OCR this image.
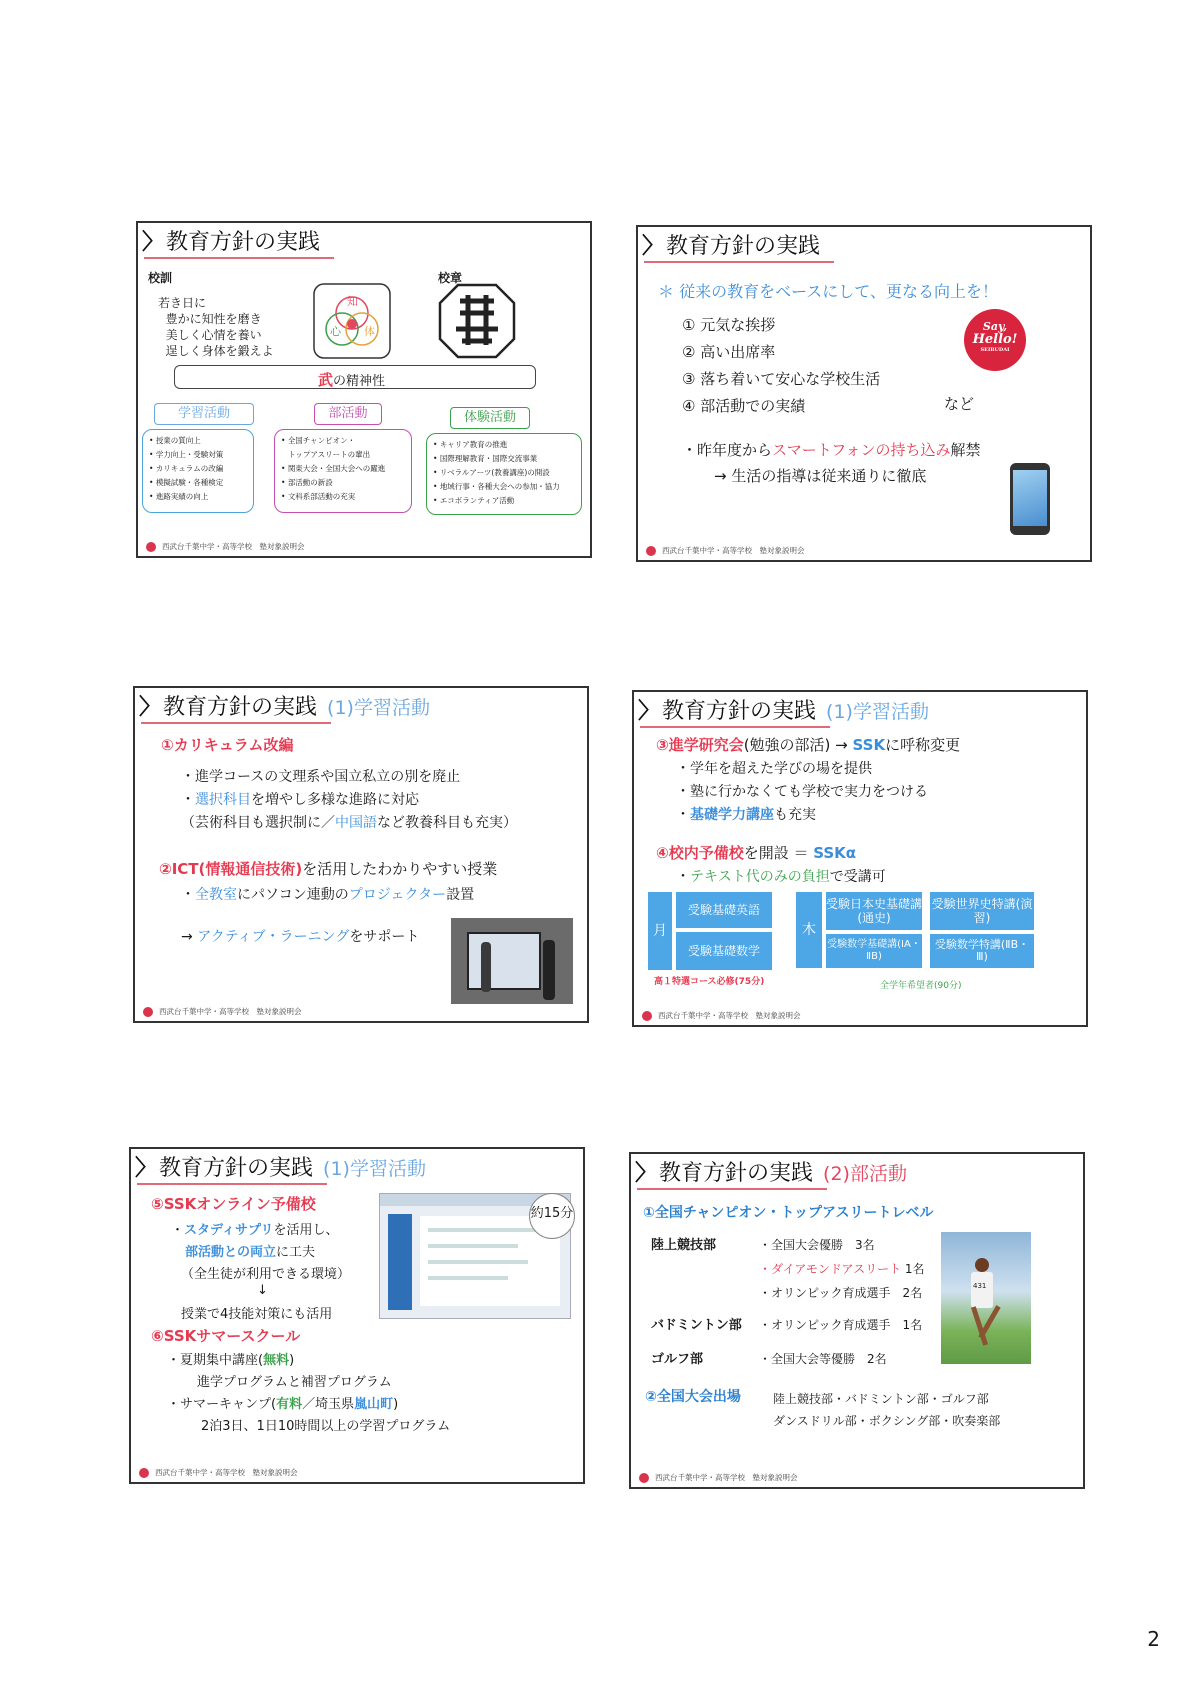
〉教育方針の実践
校訓	校章
若き日に
豊かに知性を磨き
美しく心情を養い
逞しく身体を鍛えよ
知
心 体
武の精神性
学習活動	部活動	体験活動
• 授業の質向上
• 学力向上・受験対策
• カリキュラムの改編
• 模擬試験・各種検定
• 進路実績の向上
• 全国チャンピオン・
トップアスリートの輩出
• 関東大会・全国大会への躍進
• 部活動の新設
• 文科系部活動の充実
• キャリア教育の推進
• 国際理解教育・国際交流事業
• リベラルアーツ(教養講座)の開設
• 地域行事・各種大会への参加・協力
• エコボランティア活動
西武台千葉中学・高等学校　塾対象説明会
〉教育方針の実践
＊ 従来の教育をベースにして、更なる向上を！
① 元気な挨拶
② 高い出席率
③ 落ち着いて安心な学校生活
④ 部活動での実績	など
Say,
Hello!
SEIBUDAI
・昨年度からスマートフォンの持ち込み解禁
→ 生活の指導は従来通りに徹底
西武台千葉中学・高等学校　塾対象説明会
〉教育方針の実践 (1)学習活動
①カリキュラム改編
・進学コースの文理系や国立私立の別を廃止
・選択科目を増やし多様な進路に対応
（芸術科目も選択制に／中国語など教養科目も充実）
②ICT(情報通信技術)を活用したわかりやすい授業
・全教室にパソコン連動のプロジェクター設置
→ アクティブ・ラーニングをサポート
西武台千葉中学・高等学校　塾対象説明会
〉教育方針の実践 (1)学習活動
③進学研究会(勉強の部活) → SSKに呼称変更
・学年を超えた学びの場を提供
・塾に行かなくても学校で実力をつける
・基礎学力講座も充実
④校内予備校を開設 ＝ SSKα
・テキスト代のみの負担で受講可
月
受験基礎英語
受験基礎数学
木
受験日本史基礎講(通史)
受験世界史特講(演習)
受験数学基礎講(ⅠA・ⅡB)
受験数学特講(ⅡB・Ⅲ)
高１特選コース必修(75分)	全学年希望者(90分)
西武台千葉中学・高等学校　塾対象説明会
〉教育方針の実践 (1)学習活動
⑤SSKオンライン予備校
・スタディサプリを活用し、
部活動との両立に工夫
（全生徒が利用できる環境）
↓
授業で4技能対策にも活用
約15分
⑥SSKサマースクール
・夏期集中講座(無料)
進学プログラムと補習プログラム
・サマーキャンプ(有料／埼玉県嵐山町)
2泊3日、1日10時間以上の学習プログラム
西武台千葉中学・高等学校　塾対象説明会
〉教育方針の実践 (2)部活動
①全国チャンピオン・トップアスリートレベル
陸上競技部	・全国大会優勝　3名
・ダイアモンドアスリート 1名
・オリンピック育成選手　2名
バドミントン部 ・オリンピック育成選手　1名
ゴルフ部	・全国大会等優勝　2名
431
②全国大会出場	陸上競技部・バドミントン部・ゴルフ部
ダンスドリル部・ボクシング部・吹奏楽部
西武台千葉中学・高等学校　塾対象説明会
2
